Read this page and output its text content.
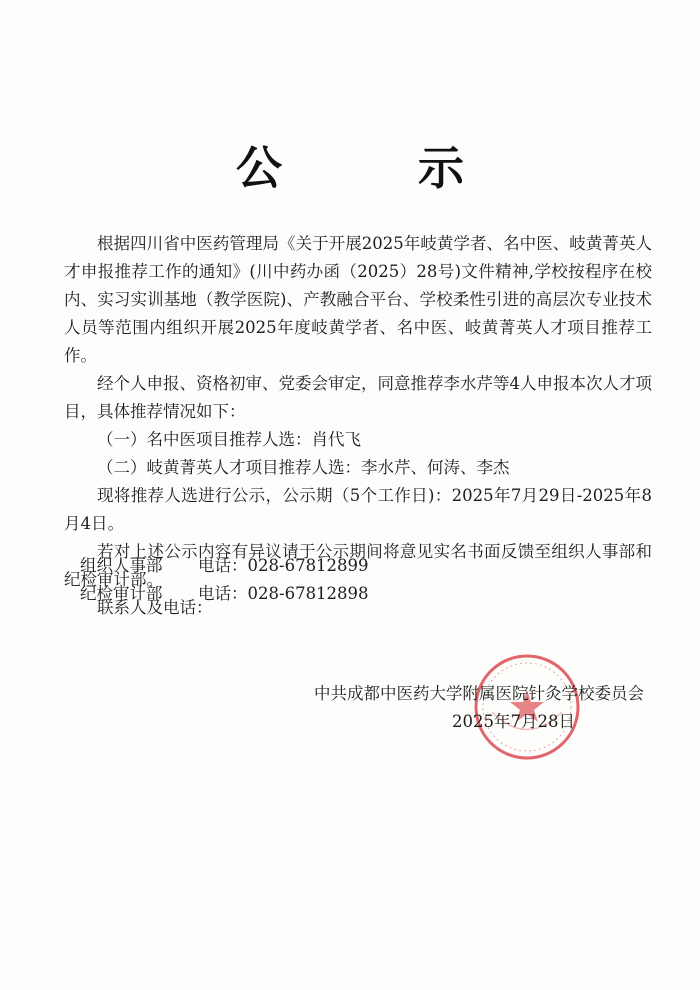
公 示

根据四川省中医药管理局《关于开展2025年岐黄学者、名中医、岐黄菁英人才申报推荐工作的通知》(川中药办函（2025）28号)文件精神,学校按程序在校内、实习实训基地（教学医院)、产教融合平台、学校柔性引进的高层次专业技术人员等范围内组织开展2025年度岐黄学者、名中医、岐黄菁英人才项目推荐工作。

经个人申报、资格初审、党委会审定，同意推荐李水芹等4人申报本次人才项目，具体推荐情况如下：

（一）名中医项目推荐人选：肖代飞

（二）岐黄菁英人才项目推荐人选：李水芹、何涛、李杰

现将推荐人选进行公示，公示期（5个工作日)：2025年7月29日-2025年8月4日。

若对上述公示内容有异议请于公示期间将意见实名书面反馈至组织人事部和纪检审计部。

联系人及电话：

组织人事部 电话：028-67812899
纪检审计部 电话：028-67812898
中共成都中医药大学附属医院针灸学校委员会
2025年7月28日
